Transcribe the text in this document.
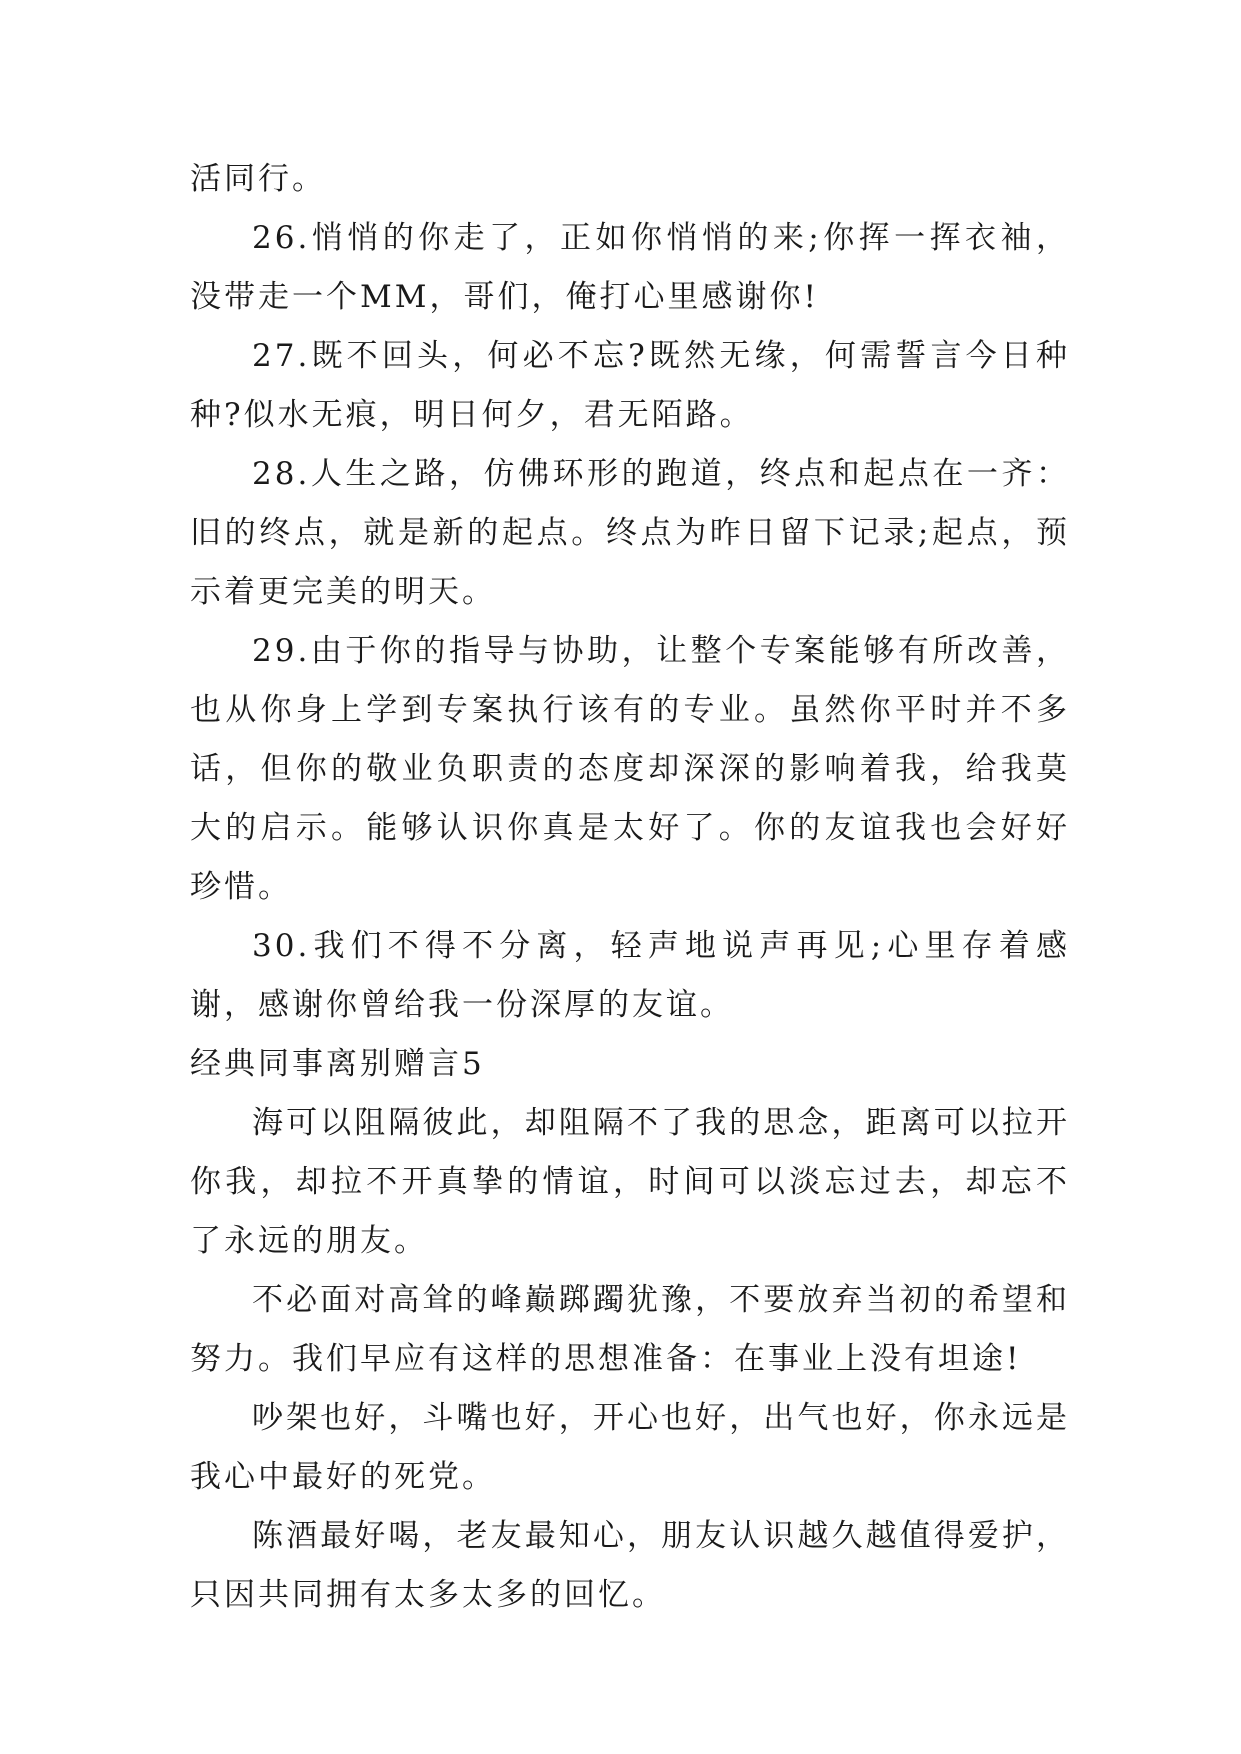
活同行。

26.悄悄的你走了，正如你悄悄的来;你挥一挥衣袖，没带走一个MM，哥们，俺打心里感谢你!

27.既不回头，何必不忘?既然无缘，何需誓言今日种种?似水无痕，明日何夕，君无陌路。

28.人生之路，仿佛环形的跑道，终点和起点在一齐：旧的终点，就是新的起点。终点为昨日留下记录;起点，预示着更完美的明天。

29.由于你的指导与协助，让整个专案能够有所改善，也从你身上学到专案执行该有的专业。虽然你平时并不多话，但你的敬业负职责的态度却深深的影响着我，给我莫大的启示。能够认识你真是太好了。你的友谊我也会好好珍惜。

30.我们不得不分离，轻声地说声再见;心里存着感谢，感谢你曾给我一份深厚的友谊。

经典同事离别赠言5

海可以阻隔彼此，却阻隔不了我的思念，距离可以拉开你我，却拉不开真挚的情谊，时间可以淡忘过去，却忘不了永远的朋友。

不必面对高耸的峰巅踯躅犹豫，不要放弃当初的希望和努力。我们早应有这样的思想准备：在事业上没有坦途!

吵架也好，斗嘴也好，开心也好，出气也好，你永远是我心中最好的死党。

陈酒最好喝，老友最知心，朋友认识越久越值得爱护，只因共同拥有太多太多的回忆。
